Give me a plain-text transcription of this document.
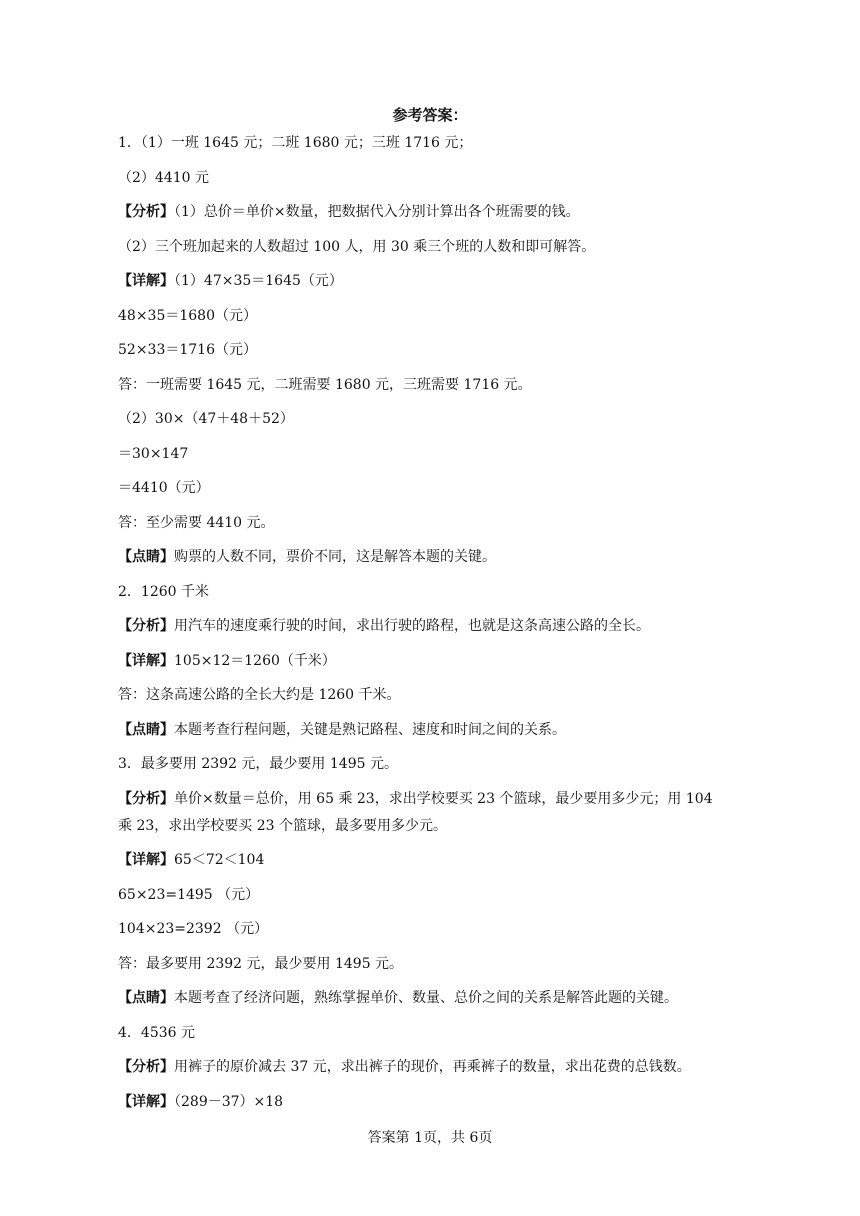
参考答案：
1．（1）一班 1645 元；二班 1680 元；三班 1716 元；
（2）4410 元
【分析】（1）总价＝单价×数量，把数据代入分别计算出各个班需要的钱。
（2）三个班加起来的人数超过 100 人，用 30 乘三个班的人数和即可解答。
【详解】（1）47×35＝1645（元）
48×35＝1680（元）
52×33＝1716（元）
答：一班需要 1645 元，二班需要 1680 元，三班需要 1716 元。
（2）30×（47＋48＋52）
＝30×147
＝4410（元）
答：至少需要 4410 元。
【点睛】购票的人数不同，票价不同，这是解答本题的关键。
2．1260 千米
【分析】用汽车的速度乘行驶的时间，求出行驶的路程，也就是这条高速公路的全长。
【详解】105×12＝1260（千米）
答：这条高速公路的全长大约是 1260 千米。
【点睛】本题考查行程问题，关键是熟记路程、速度和时间之间的关系。
3．最多要用 2392 元，最少要用 1495 元。
【分析】单价×数量＝总价，用 65 乘 23，求出学校要买 23 个篮球，最少要用多少元；用 104
乘 23，求出学校要买 23 个篮球，最多要用多少元。
【详解】65＜72＜104
65×23=1495 （元）
104×23=2392 （元）
答：最多要用 2392 元，最少要用 1495 元。
【点睛】本题考查了经济问题，熟练掌握单价、数量、总价之间的关系是解答此题的关键。
4．4536 元
【分析】用裤子的原价减去 37 元，求出裤子的现价，再乘裤子的数量，求出花费的总钱数。
【详解】（289－37）×18
答案第 1页，共 6页
